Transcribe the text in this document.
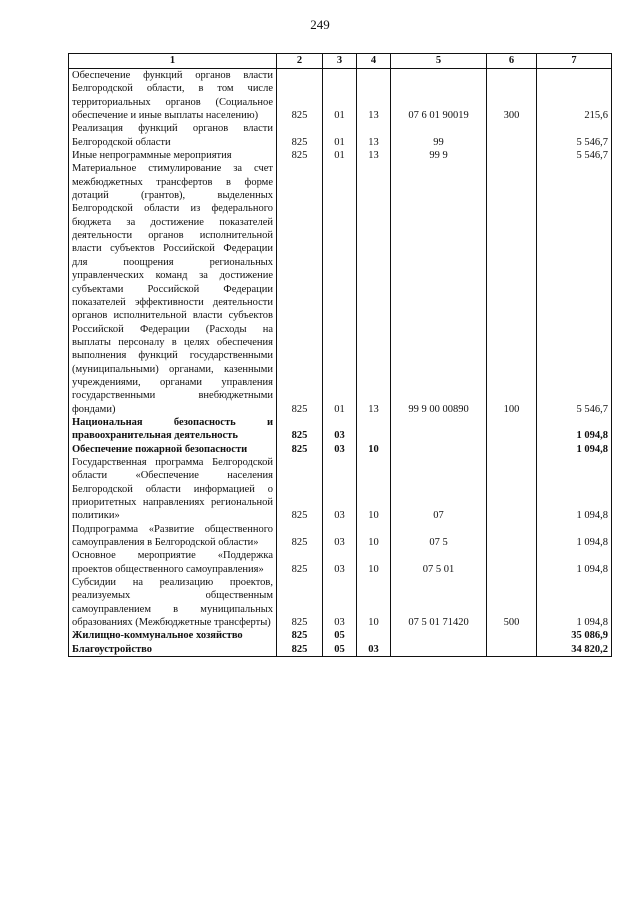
249
1	2	3	4	5	6	7
Обеспечение функций органов власти Белгородской области, в том числе территориальных органов (Социальное обеспечение и иные выплаты населению)	825	01	13	07 6 01 90019	300	215,6
Реализация функций органов власти Белгородской области	825	01	13	99		5 546,7
Иные непрограммные мероприятия	825	01	13	99 9		5 546,7
Материальное стимулирование за счет межбюджетных трансфертов в форме дотаций (грантов), выделенных Белгородской области из федерального бюджета за достижение показателей деятельности органов исполнительной власти субъектов Российской Федерации для поощрения региональных управленческих команд за достижение субъектами Российской Федерации показателей эффективности деятельности органов исполнительной власти субъектов Российской Федерации (Расходы на выплаты персоналу в целях обеспечения выполнения функций государственными (муниципальными) органами, казенными учреждениями, органами управления государственными внебюджетными фондами)	825	01	13	99 9 00 00890	100	5 546,7
Национальная безопасность и правоохранительная деятельность	825	03				1 094,8
Обеспечение пожарной безопасности	825	03	10			1 094,8
Государственная программа Белгородской области «Обеспечение населения Белгородской области информацией о приоритетных направлениях региональной политики»	825	03	10	07		1 094,8
Подпрограмма «Развитие общественного самоуправления в Белгородской области»	825	03	10	07 5		1 094,8
Основное мероприятие «Поддержка проектов общественного самоуправления»	825	03	10	07 5 01		1 094,8
Субсидии на реализацию проектов, реализуемых общественным самоуправлением в муниципальных образованиях (Межбюджетные трансферты)	825	03	10	07 5 01 71420	500	1 094,8
Жилищно-коммунальное хозяйство	825	05				35 086,9
Благоустройство	825	05	03			34 820,2
